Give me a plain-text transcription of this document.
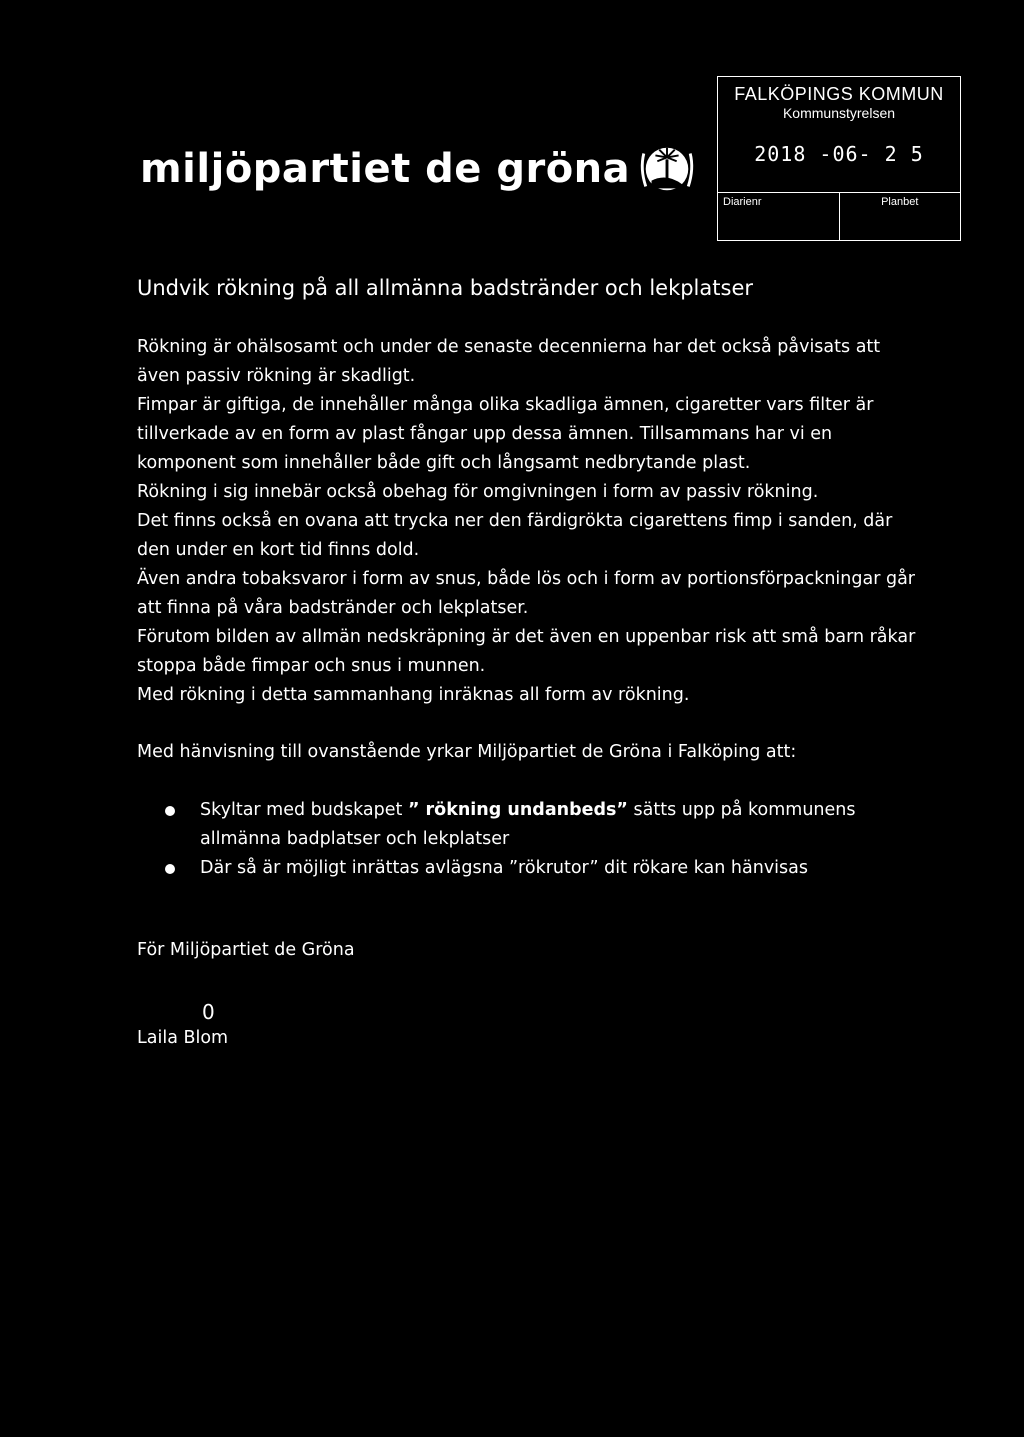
miljöpartiet de gröna
FALKÖPINGS KOMMUN
Kommunstyrelsen
2018 -06- 2 5
Diarienr	Planbet
Undvik rökning på all allmänna badstränder och lekplatser

Rökning är ohälsosamt och under de senaste decennierna har det också påvisats att även passiv rökning är skadligt.

Fimpar är giftiga, de innehåller många olika skadliga ämnen, cigaretter vars filter är tillverkade av en form av plast fångar upp dessa ämnen. Tillsammans har vi en komponent som innehåller både gift och långsamt nedbrytande plast.

Rökning i sig innebär också obehag för omgivningen i form av passiv rökning.

Det finns också en ovana att trycka ner den färdigrökta cigarettens fimp i sanden, där den under en kort tid finns dold.

Även andra tobaksvaror i form av snus, både lös och i form av portionsförpackningar går att finna på våra badstränder och lekplatser.

Förutom bilden av allmän nedskräpning är det även en uppenbar risk att små barn råkar stoppa både fimpar och snus i munnen.

Med rökning i detta sammanhang inräknas all form av rökning.

Med hänvisning till ovanstående yrkar Miljöpartiet de Gröna i Falköping att:
Skyltar med budskapet ” rökning undanbeds” sätts upp på kommunens allmänna badplatser och lekplatser
Där så är möjligt inrättas avlägsna ”rökrutor” dit rökare kan hänvisas
För Miljöpartiet de Gröna
0
Laila Blom
